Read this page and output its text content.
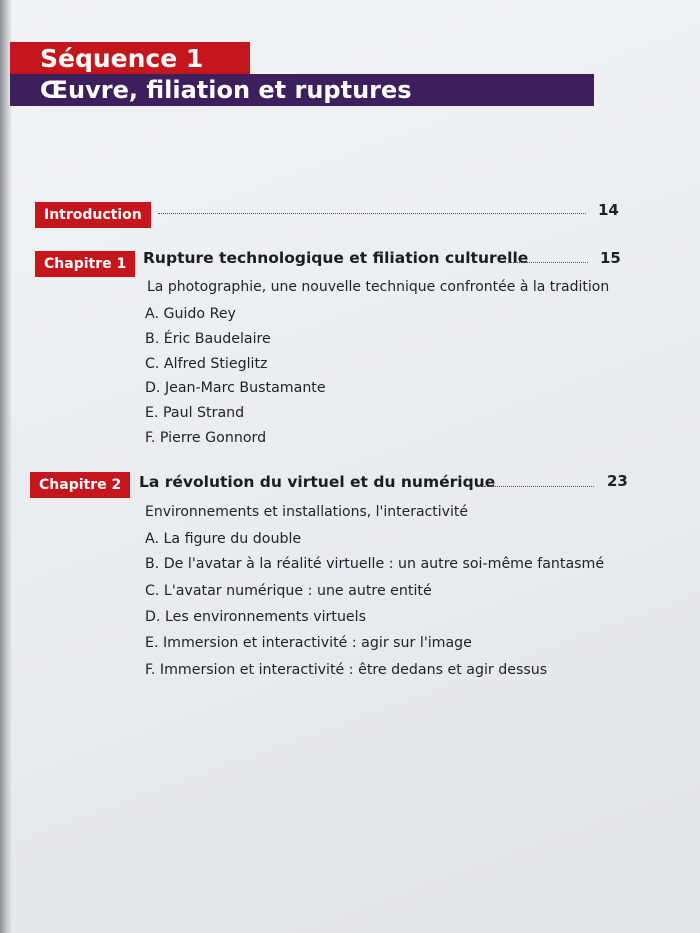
Séquence 1
Œuvre, filiation et ruptures
Introduction	14
Chapitre 1	Rupture technologique et filiation culturelle	15
La photographie, une nouvelle technique confrontée à la tradition
A. Guido Rey
B. Éric Baudelaire
C. Alfred Stieglitz
D. Jean-Marc Bustamante
E. Paul Strand
F. Pierre Gonnord
Chapitre 2	La révolution du virtuel et du numérique	23
Environnements et installations, l'interactivité
A. La figure du double
B. De l'avatar à la réalité virtuelle : un autre soi-même fantasmé
C. L'avatar numérique : une autre entité
D. Les environnements virtuels
E. Immersion et interactivité : agir sur l'image
F. Immersion et interactivité : être dedans et agir dessus
